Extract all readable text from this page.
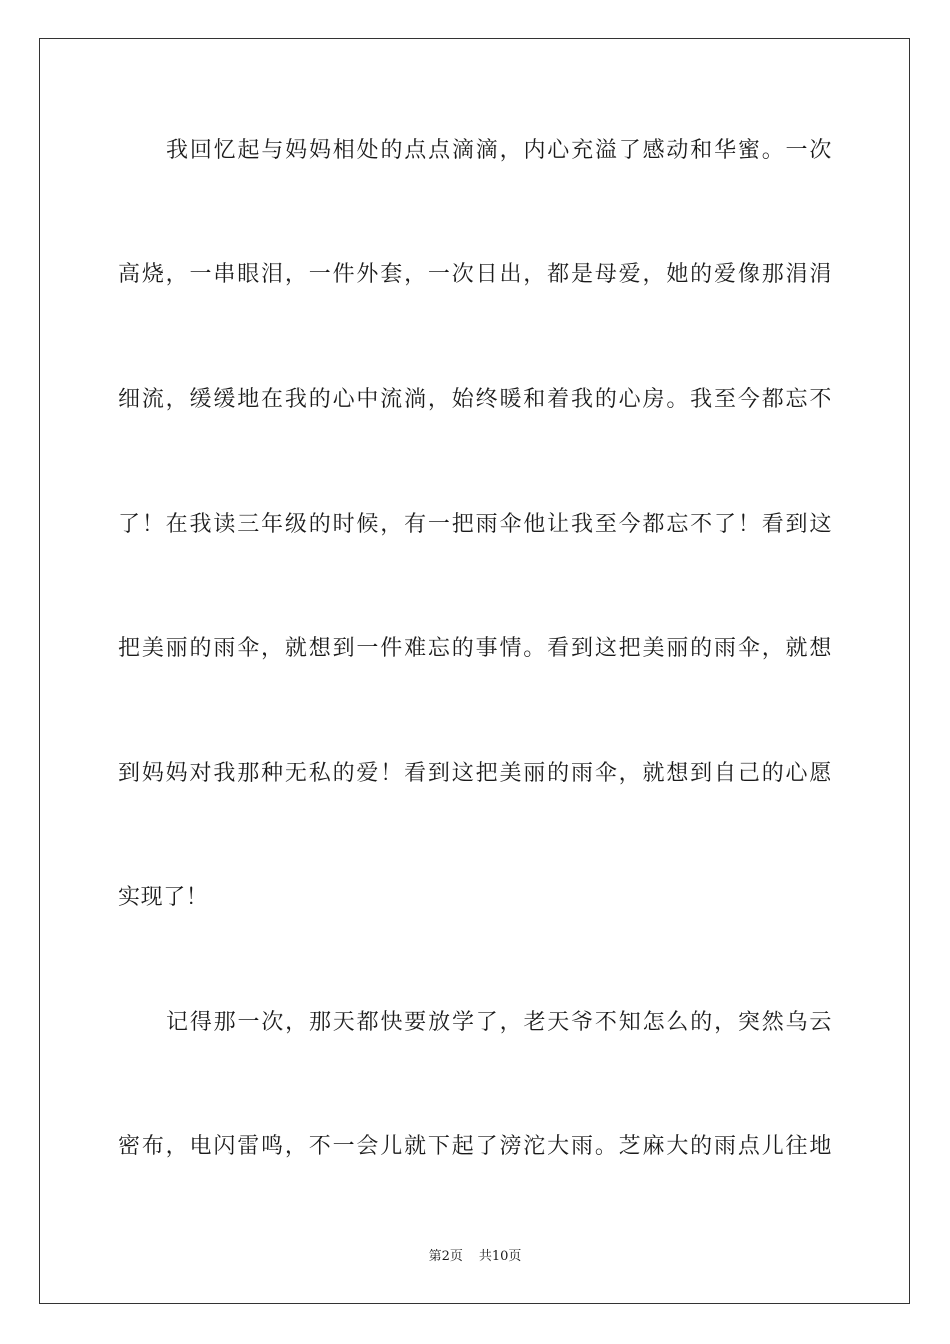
我回忆起与妈妈相处的点点滴滴，内心充溢了感动和华蜜。一次
高烧，一串眼泪，一件外套，一次日出，都是母爱，她的爱像那涓涓
细流，缓缓地在我的心中流淌，始终暖和着我的心房。我至今都忘不
了！在我读三年级的时候，有一把雨伞他让我至今都忘不了！看到这
把美丽的雨伞，就想到一件难忘的事情。看到这把美丽的雨伞，就想
到妈妈对我那种无私的爱！看到这把美丽的雨伞，就想到自己的心愿
实现了！
记得那一次，那天都快要放学了，老天爷不知怎么的，突然乌云
密布，电闪雷鸣，不一会儿就下起了滂沱大雨。芝麻大的雨点儿往地
第2页 共10页
